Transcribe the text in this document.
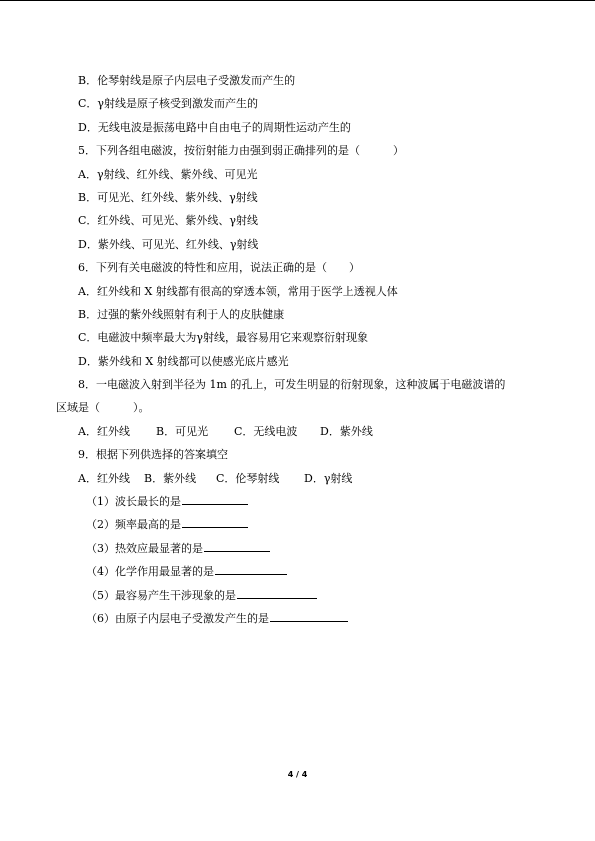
B．伦琴射线是原子内层电子受激发而产生的
C．γ射线是原子核受到激发而产生的
D．无线电波是振荡电路中自由电子的周期性运动产生的
5．下列各组电磁波，按衍射能力由强到弱正确排列的是（　　　）
A．γ射线、红外线、紫外线、可见光
B．可见光、红外线、紫外线、γ射线
C．红外线、可见光、紫外线、γ射线
D．紫外线、可见光、红外线、γ射线
6．下列有关电磁波的特性和应用，说法正确的是（　　）
A．红外线和 X 射线都有很高的穿透本领，常用于医学上透视人体
B．过强的紫外线照射有利于人的皮肤健康
C．电磁波中频率最大为γ射线，最容易用它来观察衍射现象
D．紫外线和 X 射线都可以使感光底片感光
8．一电磁波入射到半径为 1m 的孔上，可发生明显的衍射现象，这种波属于电磁波谱的
区域是（　　　）。
A．红外线	B．可见光	C．无线电波	D．紫外线
9．根据下列供选择的答案填空
A．红外线	B．紫外线	C．伦琴射线	D．γ射线
（1）波长最长的是
（2）频率最高的是
（3）热效应最显著的是
（4）化学作用最显著的是
（5）最容易产生干涉现象的是
（6）由原子内层电子受激发产生的是
4 / 4
